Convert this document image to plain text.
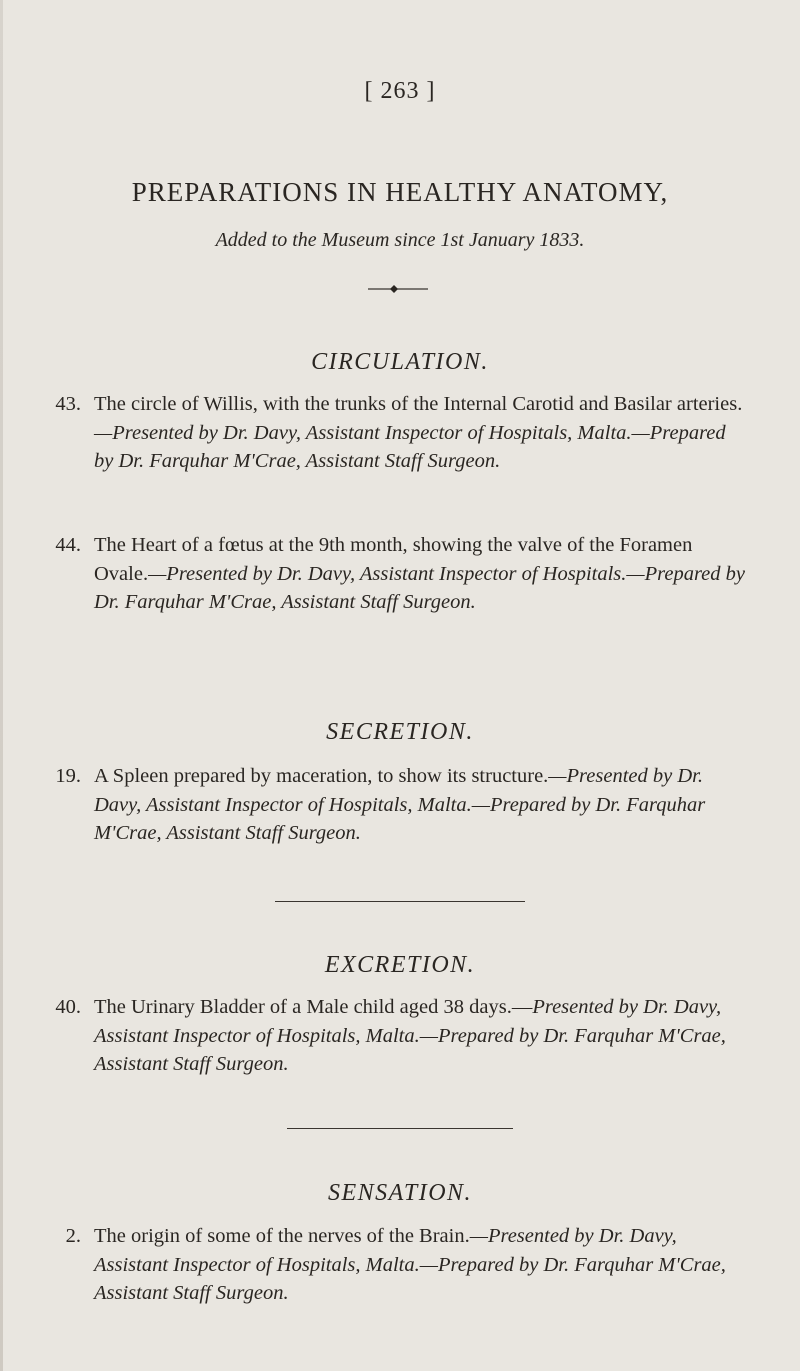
[ 263 ]
PREPARATIONS IN HEALTHY ANATOMY,
Added to the Museum since 1st January 1833.
CIRCULATION.
43. The circle of Willis, with the trunks of the Internal Carotid and Basilar arteries.—Presented by Dr. Davy, Assistant Inspector of Hospitals, Malta.—Prepared by Dr. Farquhar M'Crae, Assistant Staff Surgeon.
44. The Heart of a fœtus at the 9th month, showing the valve of the Foramen Ovale.—Presented by Dr. Davy, Assistant Inspector of Hospitals.—Prepared by Dr. Farquhar M'Crae, Assistant Staff Surgeon.
SECRETION.
19. A Spleen prepared by maceration, to show its structure.—Presented by Dr. Davy, Assistant Inspector of Hospitals, Malta.—Prepared by Dr. Farquhar M'Crae, Assistant Staff Surgeon.
EXCRETION.
40. The Urinary Bladder of a Male child aged 38 days.—Presented by Dr. Davy, Assistant Inspector of Hospitals, Malta.—Prepared by Dr. Farquhar M'Crae, Assistant Staff Surgeon.
SENSATION.
2. The origin of some of the nerves of the Brain.—Presented by Dr. Davy, Assistant Inspector of Hospitals, Malta.—Prepared by Dr. Farquhar M'Crae, Assistant Staff Surgeon.
